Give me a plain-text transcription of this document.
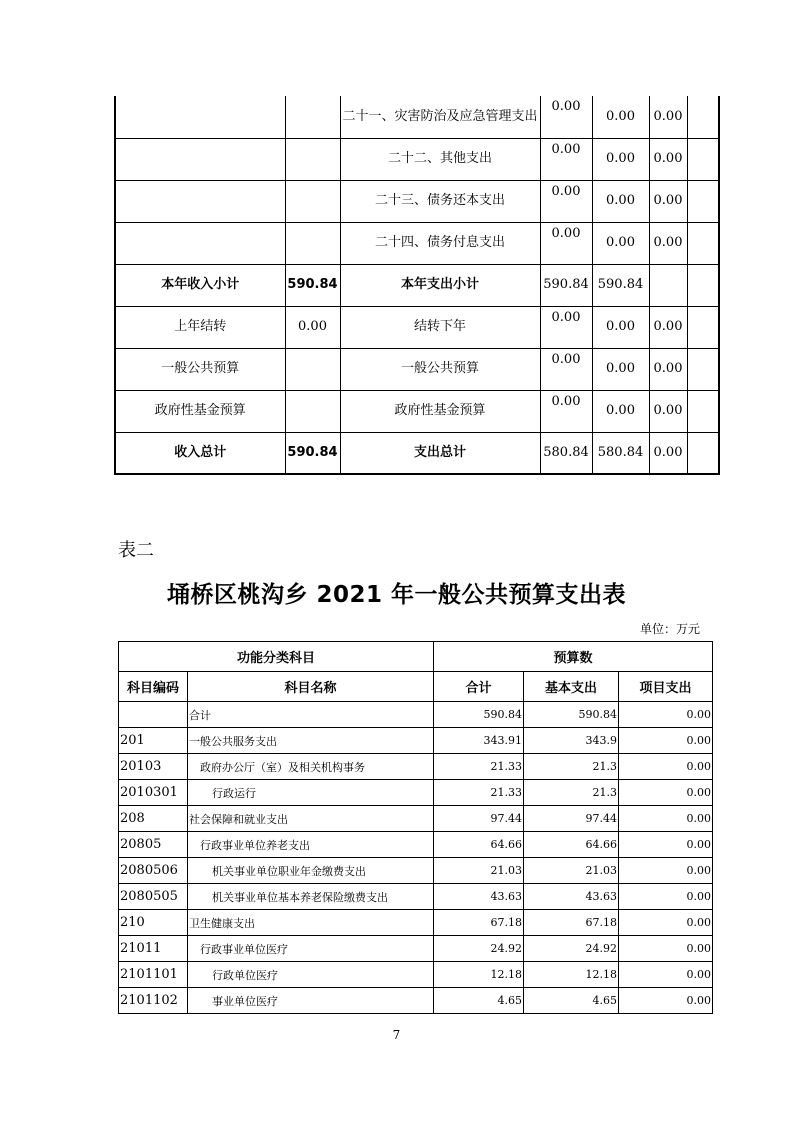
		二十一、灾害防治及应急管理支出	0.00	0.00	0.00	

		二十二、其他支出	0.00	0.00	0.00	

		二十三、债务还本支出	0.00	0.00	0.00	

		二十四、债务付息支出	0.00	0.00	0.00	

本年收入小计	590.84	本年支出小计	590.84	590.84		

上年结转	0.00	结转下年	0.00	0.00	0.00	

一般公共预算		一般公共预算	0.00	0.00	0.00	

政府性基金预算		政府性基金预算	0.00	0.00	0.00	

收入总计	590.84	支出总计	580.84	580.84	0.00	

表二
埇桥区桃沟乡 2021 年一般公共预算支出表
单位：万元
功能分类科目		预算数		
科目编码	科目名称	合计	基本支出	项目支出
	合计	590.84	590.84	0.00
201	一般公共服务支出	343.91	343.9	0.00
20103	政府办公厅（室）及相关机构事务	21.33	21.3	0.00
2010301	行政运行	21.33	21.3	0.00
208	社会保障和就业支出	97.44	97.44	0.00
20805	行政事业单位养老支出	64.66	64.66	0.00
2080506	机关事业单位职业年金缴费支出	21.03	21.03	0.00
2080505	机关事业单位基本养老保险缴费支出	43.63	43.63	0.00
210	卫生健康支出	67.18	67.18	0.00
21011	行政事业单位医疗	24.92	24.92	0.00
2101101	行政单位医疗	12.18	12.18	0.00
2101102	事业单位医疗	4.65	4.65	0.00
7
